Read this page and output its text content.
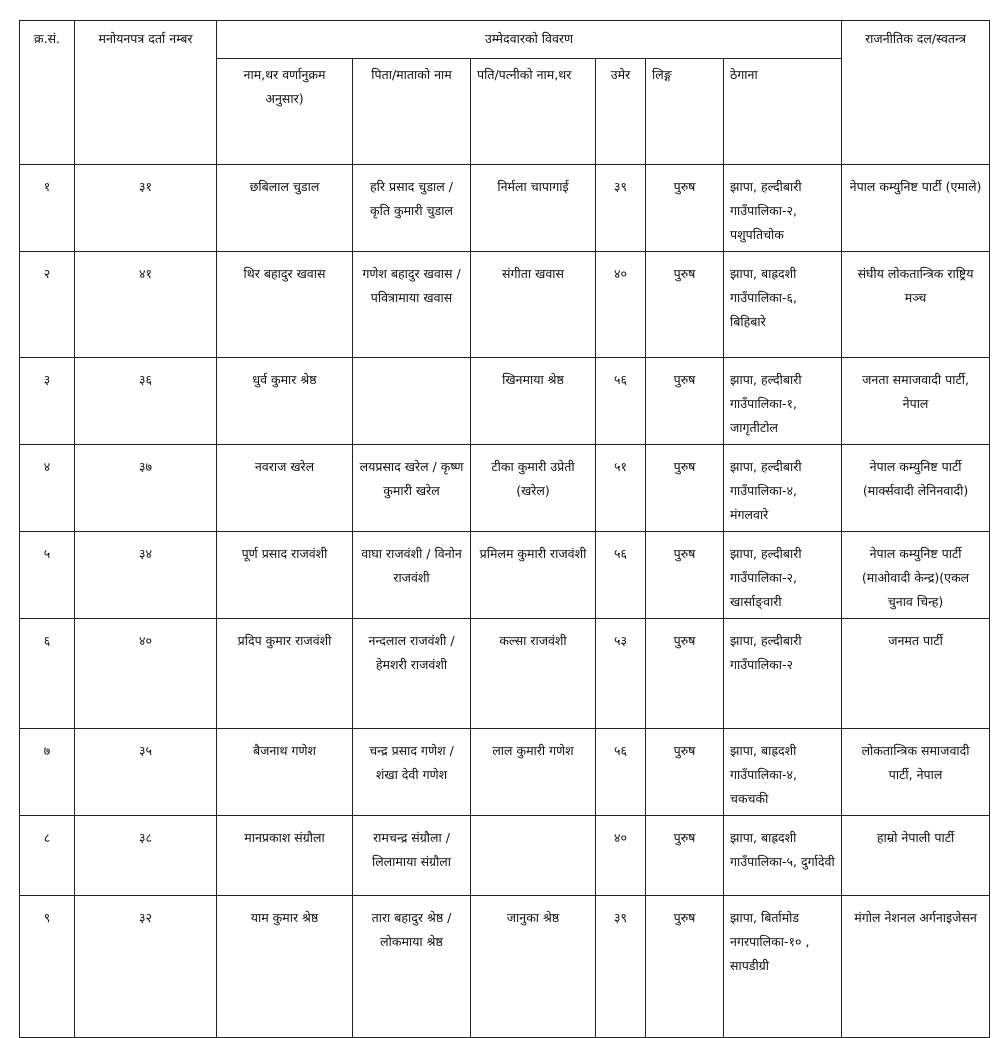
क्र.सं.	मनोयनपत्र दर्ता नम्बर	उम्मेदवारको विवरण						राजनीतिक दल/स्वतन्त्र
		नाम,थर वर्णानुक्रम अनुसार)	पिता/माताको नाम	पति/पत्नीको नाम,थर	उमेर	लिङ्ग	ठेगाना	
१	३१	छबिलाल चुडाल	हरि प्रसाद चुडाल / कृति कुमारी चुडाल	निर्मला चापागाई	३९	पुरुष	झापा, हल्दीबारी गाउँपालिका-२, पशुपतिचोक	नेपाल कम्युनिष्ट पार्टी (एमाले)
२	४१	थिर बहादुर खवास	गणेश बहादुर खवास / पवित्रामाया खवास	संगीता खवास	४०	पुरुष	झापा, बाह्रदशी गाउँपालिका-६, बिहिबारे	संघीय लोकतान्त्रिक राष्ट्रिय मञ्च
३	३६	धुर्व कुमार श्रेष्ठ		खिनमाया श्रेष्ठ	५६	पुरुष	झापा, हल्दीबारी गाउँपालिका-१, जागृतीटोल	जनता समाजवादी पार्टी, नेपाल
४	३७	नवराज खरेल	लयप्रसाद खरेल / कृष्ण कुमारी खरेल	टीका कुमारी उप्रेती (खरेल)	५१	पुरुष	झापा, हल्दीबारी गाउँपालिका-४, मंगलवारे	नेपाल कम्युनिष्ट पार्टी (मार्क्सवादी लेनिनवादी)
५	३४	पूर्ण प्रसाद राजवंशी	वाघा राजवंशी / विनोन राजवंशी	प्रमिलम कुमारी राजवंशी	५६	पुरुष	झापा, हल्दीबारी गाउँपालिका-२, खार्साङ्वारी	नेपाल कम्युनिष्ट पार्टी (माओवादी केन्द्र)(एकल चुनाव चिन्ह)
६	४०	प्रदिप कुमार राजवंशी	नन्दलाल राजवंशी / हेमशरी राजवंशी	कल्सा राजवंशी	५३	पुरुष	झापा, हल्दीबारी गाउँपालिका-२	जनमत पार्टी
७	३५	बैजनाथ गणेश	चन्द्र प्रसाद गणेश / शंखा देवी गणेश	लाल कुमारी गणेश	५६	पुरुष	झापा, बाह्रदशी गाउँपालिका-४, चकचकी	लोकतान्त्रिक समाजवादी पार्टी, नेपाल
८	३८	मानप्रकाश संग्रौला	रामचन्द्र संग्रौला / लिलामाया संग्रौला		४०	पुरुष	झापा, बाह्रदशी गाउँपालिका-५, दुर्गादेवी	हाम्रो नेपाली पार्टी
९	३२	याम कुमार श्रेष्ठ	तारा बहादुर श्रेष्ठ / लोकमाया श्रेष्ठ	जानुका श्रेष्ठ	३९	पुरुष	झापा, बिर्तामोड नगरपालिका-१० , सापडीग्री	मंगोल नेशनल अर्गनाइजेसन
